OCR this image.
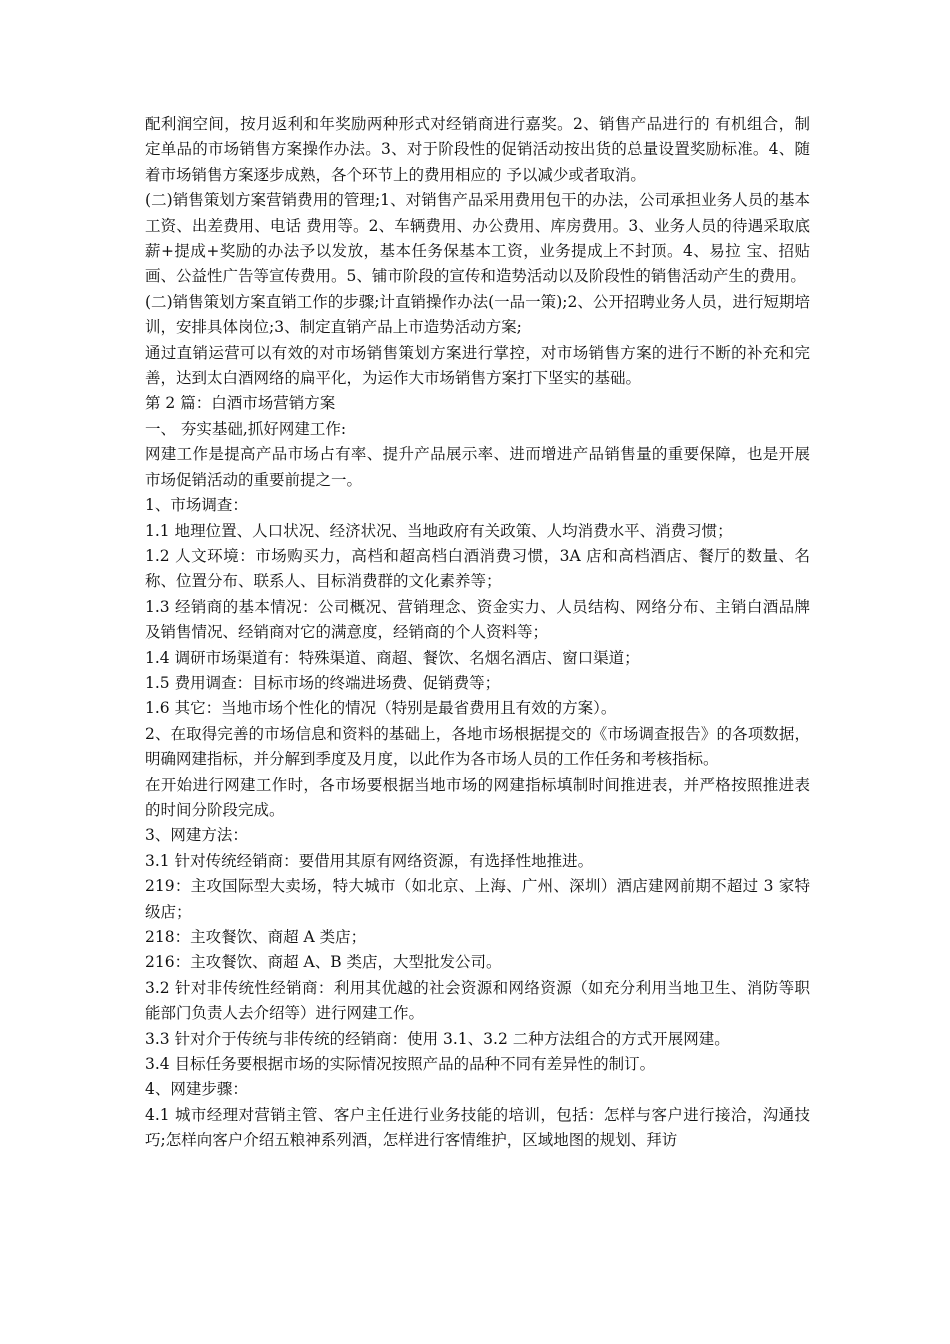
配利润空间，按月返利和年奖励两种形式对经销商进行嘉奖。2、销售产品进行的 有机组合，制定单品的市场销售方案操作办法。3、对于阶段性的促销活动按出货的总量设置奖励标准。4、随着市场销售方案逐步成熟，各个环节上的费用相应的 予以减少或者取消。

(二)销售策划方案营销费用的管理;1、对销售产品采用费用包干的办法，公司承担业务人员的基本工资、出差费用、电话 费用等。2、车辆费用、办公费用、库房费用。3、业务人员的待遇采取底薪+提成+奖励的办法予以发放，基本任务保基本工资，业务提成上不封顶。4、易拉 宝、招贴画、公益性广告等宣传费用。5、铺市阶段的宣传和造势活动以及阶段性的销售活动产生的费用。

(二)销售策划方案直销工作的步骤;计直销操作办法(一品一策);2、公开招聘业务人员，进行短期培训，安排具体岗位;3、制定直销产品上市造势活动方案;

通过直销运营可以有效的对市场销售策划方案进行掌控，对市场销售方案的进行不断的补充和完善，达到太白酒网络的扁平化，为运作大市场销售方案打下坚实的基础。

第 2 篇：白酒市场营销方案

一、 夯实基础,抓好网建工作:

网建工作是提高产品市场占有率、提升产品展示率、进而增进产品销售量的重要保障，也是开展市场促销活动的重要前提之一。

1、市场调查：

1.1 地理位置、人口状况、经济状况、当地政府有关政策、人均消费水平、消费习惯；

1.2 人文环境：市场购买力，高档和超高档白酒消费习惯，3A 店和高档酒店、餐厅的数量、名称、位置分布、联系人、目标消费群的文化素养等；

1.3 经销商的基本情况：公司概况、营销理念、资金实力、人员结构、网络分布、主销白酒品牌及销售情况、经销商对它的满意度，经销商的个人资料等；

1.4 调研市场渠道有：特殊渠道、商超、餐饮、名烟名酒店、窗口渠道；

1.5 费用调查：目标市场的终端进场费、促销费等；

1.6 其它：当地市场个性化的情况（特别是最省费用且有效的方案）。

2、在取得完善的市场信息和资料的基础上，各地市场根据提交的《市场调查报告》的各项数据，明确网建指标，并分解到季度及月度，以此作为各市场人员的工作任务和考核指标。

在开始进行网建工作时，各市场要根据当地市场的网建指标填制时间推进表，并严格按照推进表的时间分阶段完成。

3、网建方法：

3.1 针对传统经销商：要借用其原有网络资源，有选择性地推进。

219：主攻国际型大卖场，特大城市（如北京、上海、广州、深圳）酒店建网前期不超过 3 家特级店；

218：主攻餐饮、商超 A 类店；

216：主攻餐饮、商超 A、B 类店，大型批发公司。

3.2 针对非传统性经销商：利用其优越的社会资源和网络资源（如充分利用当地卫生、消防等职能部门负责人去介绍等）进行网建工作。

3.3 针对介于传统与非传统的经销商：使用 3.1、3.2 二种方法组合的方式开展网建。

3.4 目标任务要根据市场的实际情况按照产品的品种不同有差异性的制订。

4、网建步骤：

4.1 城市经理对营销主管、客户主任进行业务技能的培训，包括：怎样与客户进行接洽，沟通技巧;怎样向客户介绍五粮神系列酒，怎样进行客情维护，区域地图的规划、拜访
